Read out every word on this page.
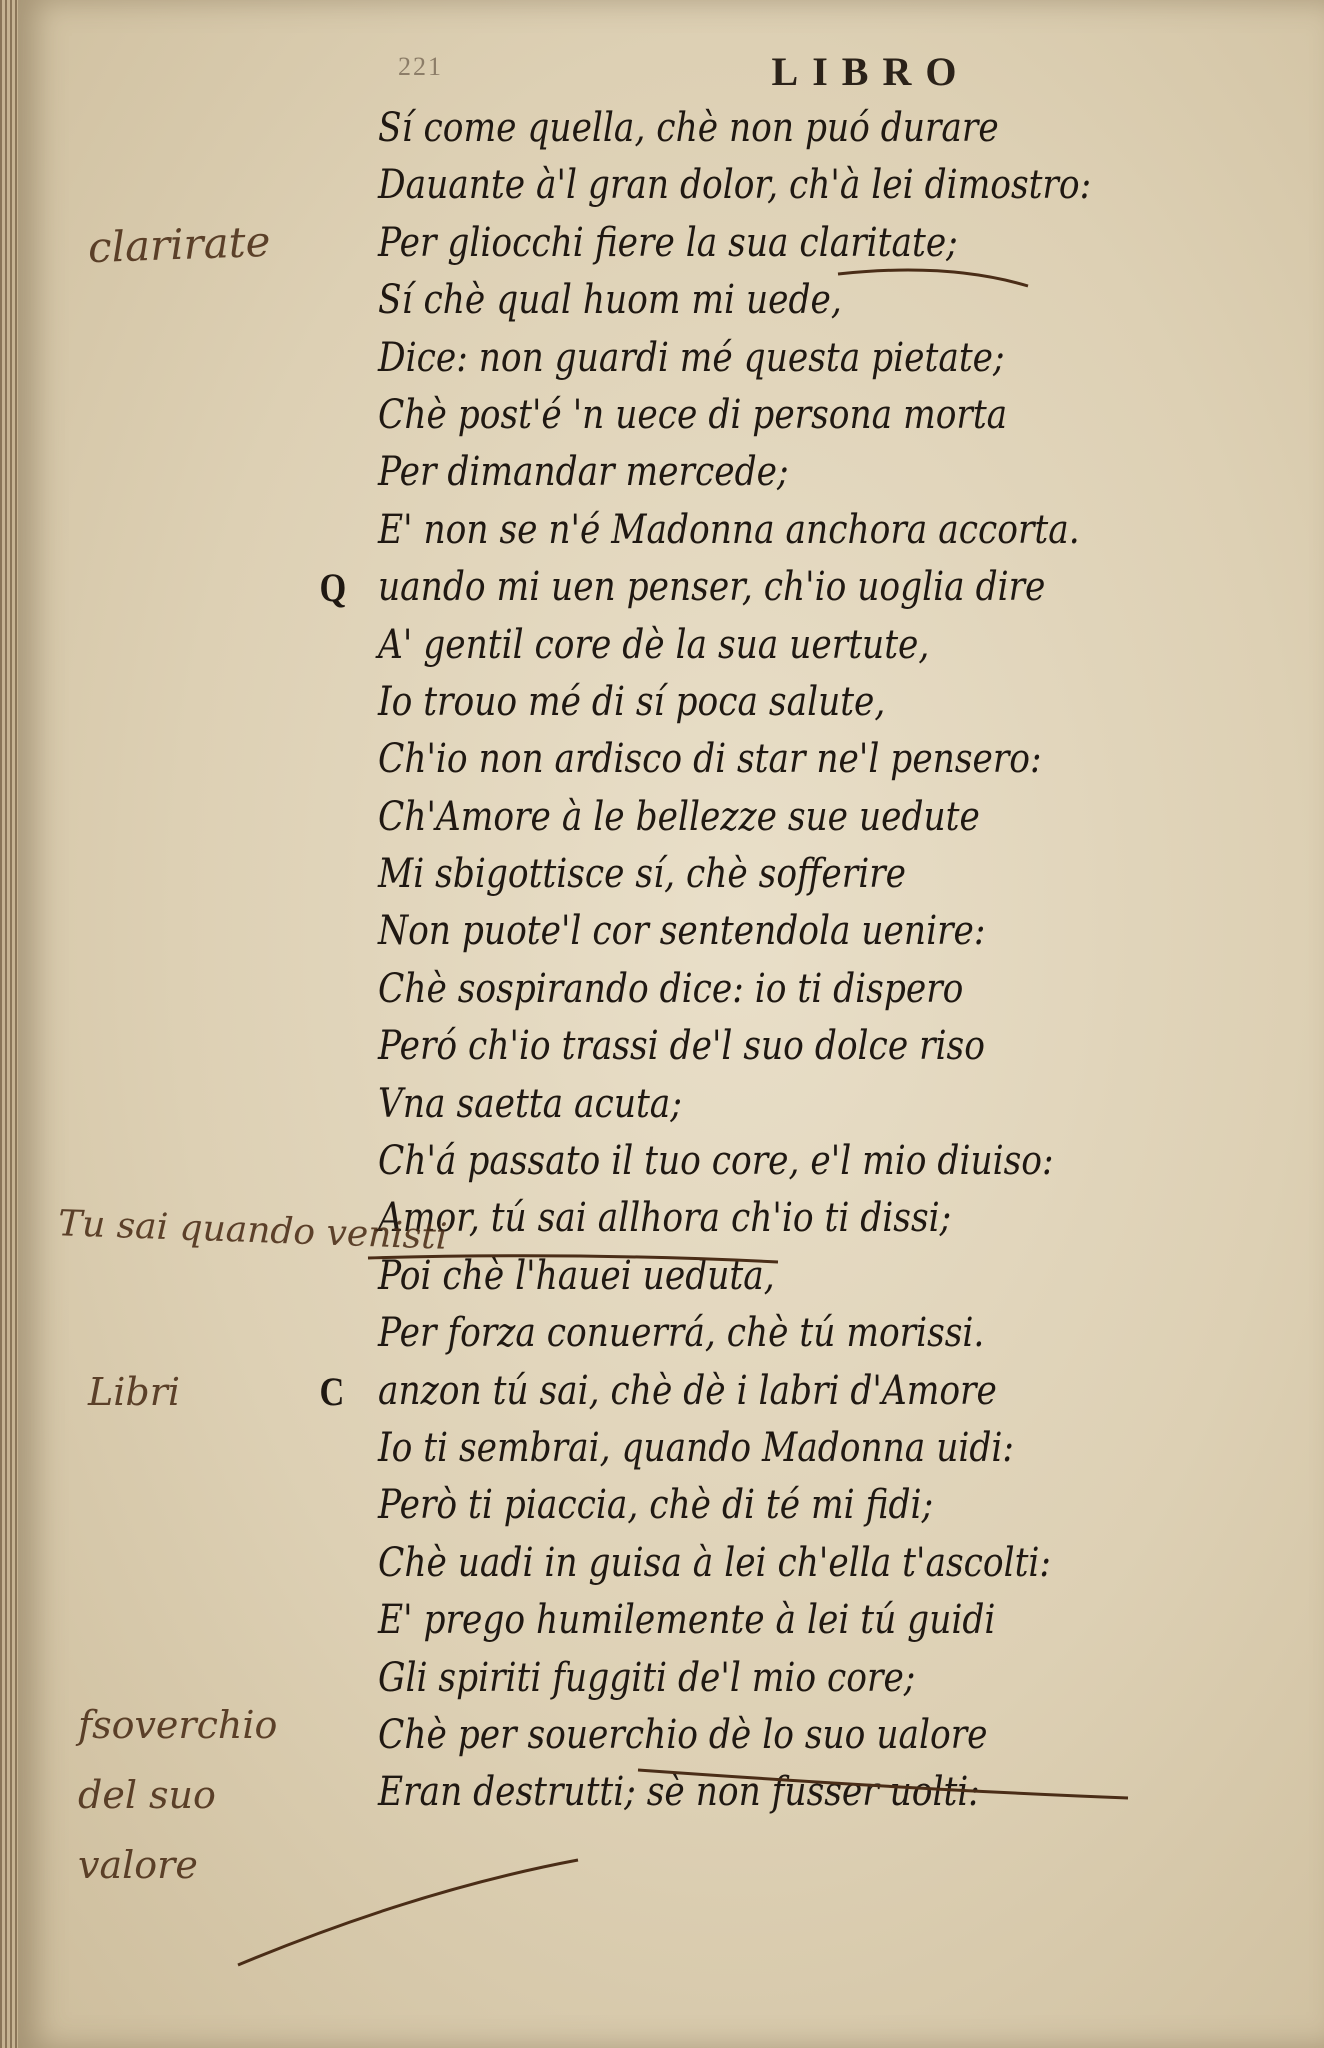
221	LIBRO
Sí come quella, chè non puó durare
Dauante à'l gran dolor, ch'à lei dimostro:
Per gliocchi fiere la sua claritate;
Sí chè qual huom mi uede,
Dice: non guardi mé questa pietate;
Chè post'é 'n uece di persona morta
Per dimandar mercede;
E' non se n'é Madonna anchora accorta.
Q uando mi uen penser, ch'io uoglia dire
A' gentil core dè la sua uertute,
Io trouo mé di sí poca salute,
Ch'io non ardisco di star ne'l pensero:
Ch'Amore à le bellezze sue uedute
Mi sbigottisce sí, chè sofferire
Non puote'l cor sentendola uenire:
Chè sospirando dice: io ti dispero
Peró ch'io trassi de'l suo dolce riso
Vna saetta acuta;
Ch'á passato il tuo core, e'l mio diuiso:
Amor, tú sai allhora ch'io ti dissi;
Poi chè l'hauei ueduta,
Per forza conuerrá, chè tú morissi.
C anzon tú sai, chè dè i labri d'Amore
Io ti sembrai, quando Madonna uidi:
Però ti piaccia, chè di té mi fidi;
Chè uadi in guisa à lei ch'ella t'ascolti:
E' prego humilemente à lei tú guidi
Gli spiriti fuggiti de'l mio core;
Chè per souerchio dè lo suo ualore
Eran destrutti; sè non fusser uolti:
clarirate
Tu sai quando venisti
Libri
fsoverchio del suo valore
